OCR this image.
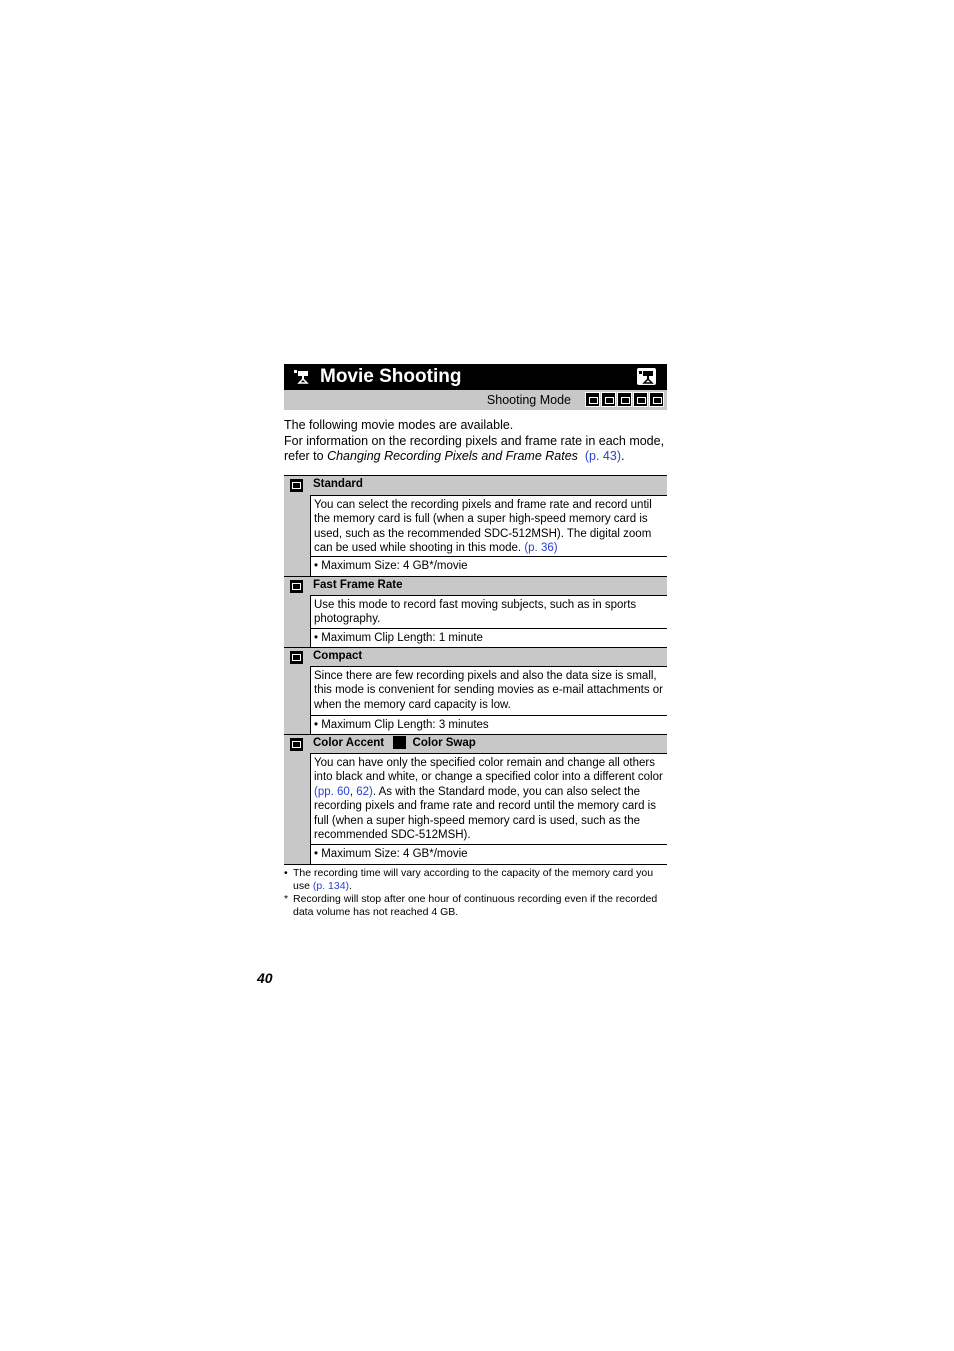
Movie Shooting
Shooting Mode

The following movie modes are available.

For information on the recording pixels and frame rate in each mode, refer to Changing Recording Pixels and Frame Rates (p. 43).

Standard
You can select the recording pixels and frame rate and record until the memory card is full (when a super high-speed memory card is used, such as the recommended SDC-512MSH). The digital zoom can be used while shooting in this mode. (p. 36)
• Maximum Size: 4 GB*/movie
Fast Frame Rate
Use this mode to record fast moving subjects, such as in sports photography.
• Maximum Clip Length: 1 minute
Compact
Since there are few recording pixels and also the data size is small, this mode is convenient for sending movies as e-mail attachments or when the memory card capacity is low.
• Maximum Clip Length: 3 minutes
Color Accent Color Swap
You can have only the specified color remain and change all others into black and white, or change a specified color into a different color (pp. 60, 62). As with the Standard mode, you can also select the recording pixels and frame rate and record until the memory card is full (when a super high-speed memory card is used, such as the recommended SDC-512MSH).
• Maximum Size: 4 GB*/movie

• The recording time will vary according to the capacity of the memory card you use (p. 134).

* Recording will stop after one hour of continuous recording even if the recorded data volume has not reached 4 GB.

40
